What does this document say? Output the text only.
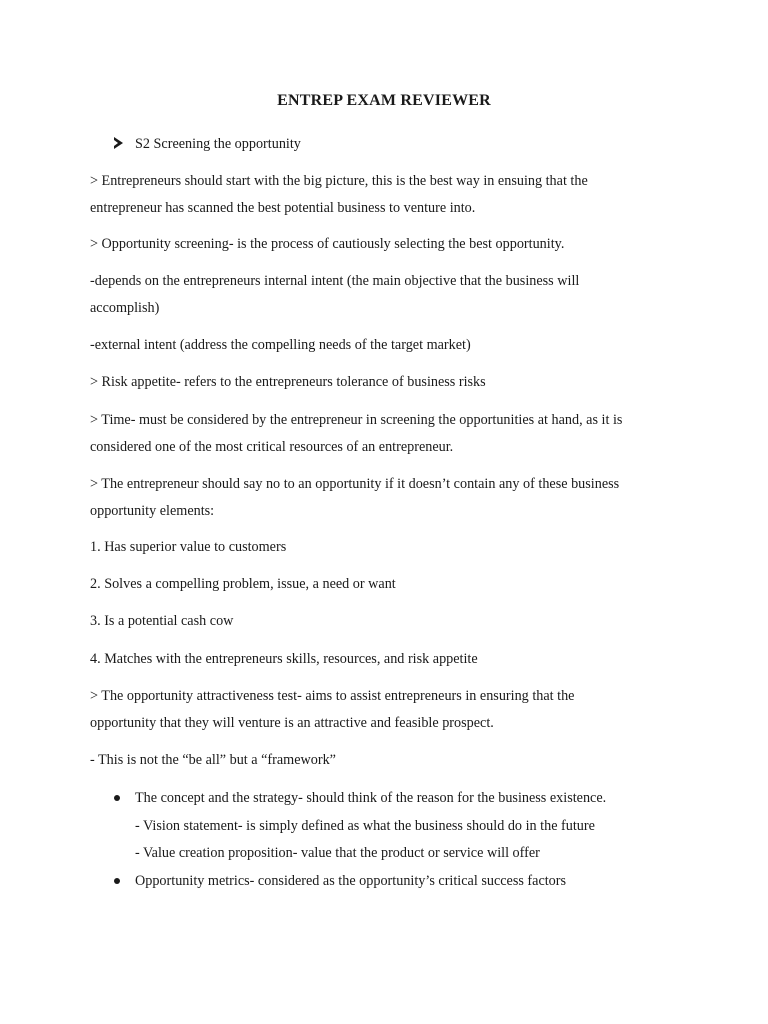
ENTREP EXAM REVIEWER
S2 Screening the opportunity
> Entrepreneurs should start with the big picture, this is the best way in ensuing that the
entrepreneur has scanned the best potential business to venture into.
> Opportunity screening- is the process of cautiously selecting the best opportunity.
-depends on the entrepreneurs internal intent (the main objective that the business will
accomplish)
-external intent (address the compelling needs of the target market)
> Risk appetite- refers to the entrepreneurs tolerance of business risks
> Time- must be considered by the entrepreneur in screening the opportunities at hand, as it is
considered one of the most critical resources of an entrepreneur.
> The entrepreneur should say no to an opportunity if it doesn’t contain any of these business
opportunity elements:
1. Has superior value to customers
2. Solves a compelling problem, issue, a need or want
3. Is a potential cash cow
4. Matches with the entrepreneurs skills, resources, and risk appetite
> The opportunity attractiveness test- aims to assist entrepreneurs in ensuring that the
opportunity that they will venture is an attractive and feasible prospect.
- This is not the “be all” but a “framework”
The concept and the strategy- should think of the reason for the business existence.
- Vision statement- is simply defined as what the business should do in the future
- Value creation proposition- value that the product or service will offer
Opportunity metrics- considered as the opportunity’s critical success factors
